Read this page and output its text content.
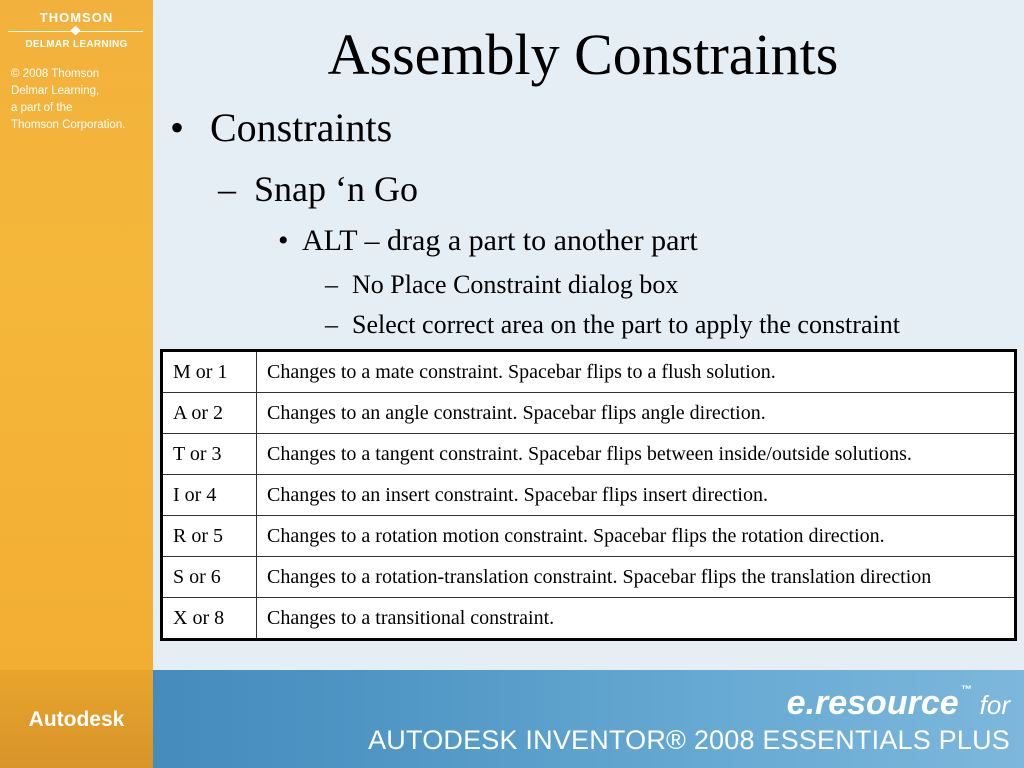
THOMSON
DELMAR LEARNING
© 2008 Thomson
Delmar Learning,
a part of the
Thomson Corporation.
Assembly Constraints
• Constraints
– Snap ‘n Go
• ALT – drag a part to another part
– No Place Constraint dialog box
– Select correct area on the part to apply the constraint
M or 1	Changes to a mate constraint. Spacebar flips to a flush solution.
A or 2	Changes to an angle constraint. Spacebar flips angle direction.
T or 3	Changes to a tangent constraint. Spacebar flips between inside/outside solutions.
I or 4	Changes to an insert constraint. Spacebar flips insert direction.
R or 5	Changes to a rotation motion constraint. Spacebar flips the rotation direction.
S or 6	Changes to a rotation-translation constraint. Spacebar flips the translation direction
X or 8	Changes to a transitional constraint.
Autodesk	e.resource ™ for
AUTODESK INVENTOR® 2008 ESSENTIALS PLUS
